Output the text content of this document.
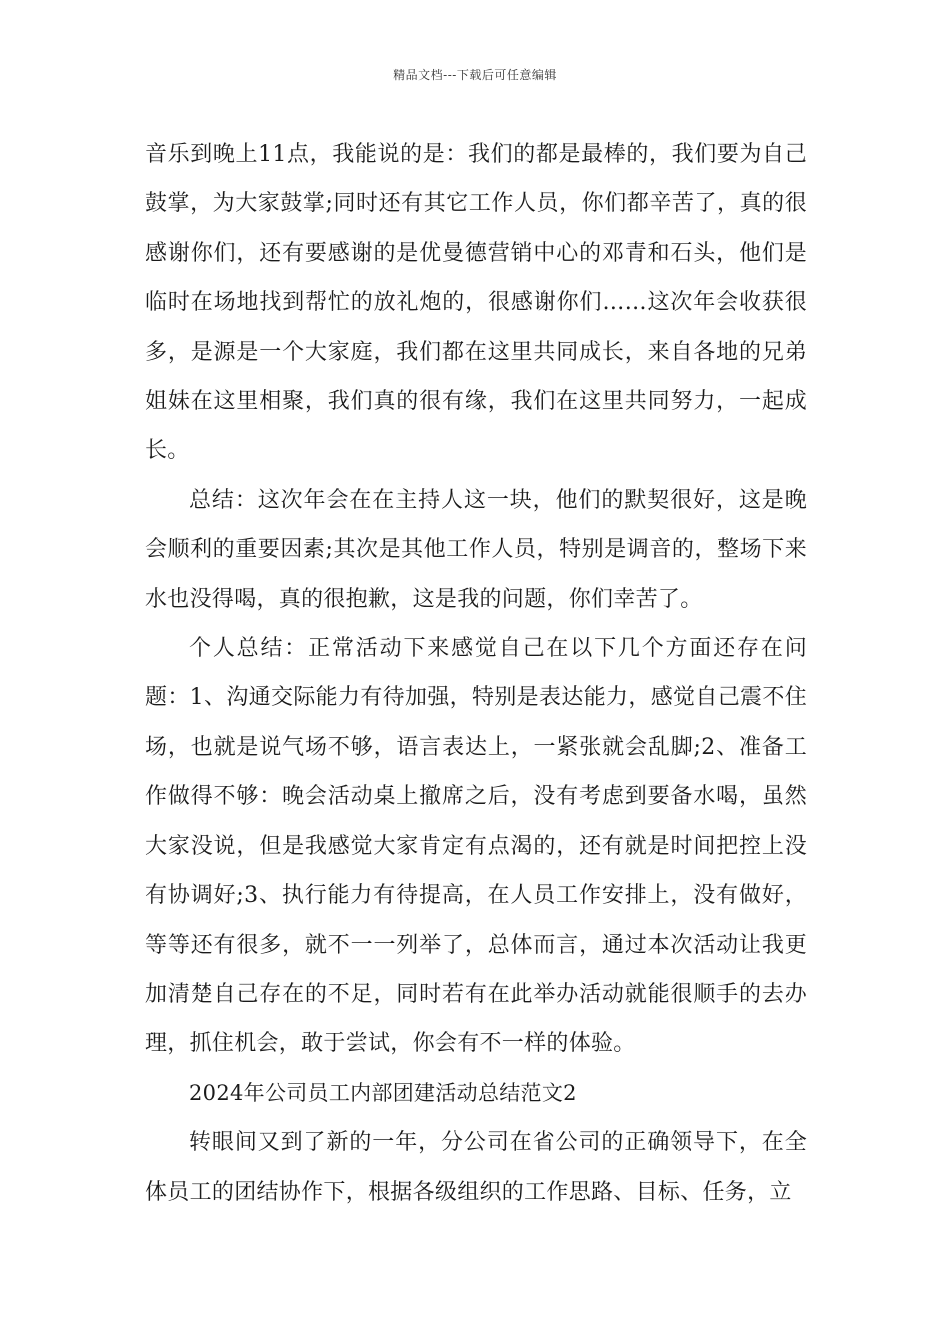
精品文档---下载后可任意编辑

音乐到晚上11点，我能说的是：我们的都是最棒的，我们要为自己鼓掌，为大家鼓掌;同时还有其它工作人员，你们都辛苦了，真的很感谢你们，还有要感谢的是优曼德营销中心的邓青和石头，他们是临时在场地找到帮忙的放礼炮的，很感谢你们……这次年会收获很多，是源是一个大家庭，我们都在这里共同成长，来自各地的兄弟姐妹在这里相聚，我们真的很有缘，我们在这里共同努力，一起成长。

总结：这次年会在在主持人这一块，他们的默契很好，这是晚会顺利的重要因素;其次是其他工作人员，特别是调音的，整场下来水也没得喝，真的很抱歉，这是我的问题，你们幸苦了。

个人总结：正常活动下来感觉自己在以下几个方面还存在问题：1、沟通交际能力有待加强，特别是表达能力，感觉自己震不住场，也就是说气场不够，语言表达上，一紧张就会乱脚;2、准备工作做得不够：晚会活动桌上撤席之后，没有考虑到要备水喝，虽然大家没说，但是我感觉大家肯定有点渴的，还有就是时间把控上没有协调好;3、执行能力有待提高，在人员工作安排上，没有做好，等等还有很多，就不一一列举了，总体而言，通过本次活动让我更加清楚自己存在的不足，同时若有在此举办活动就能很顺手的去办理，抓住机会，敢于尝试，你会有不一样的体验。

2024年公司员工内部团建活动总结范文2

转眼间又到了新的一年，分公司在省公司的正确领导下，在全体员工的团结协作下，根据各级组织的工作思路、目标、任务，立
